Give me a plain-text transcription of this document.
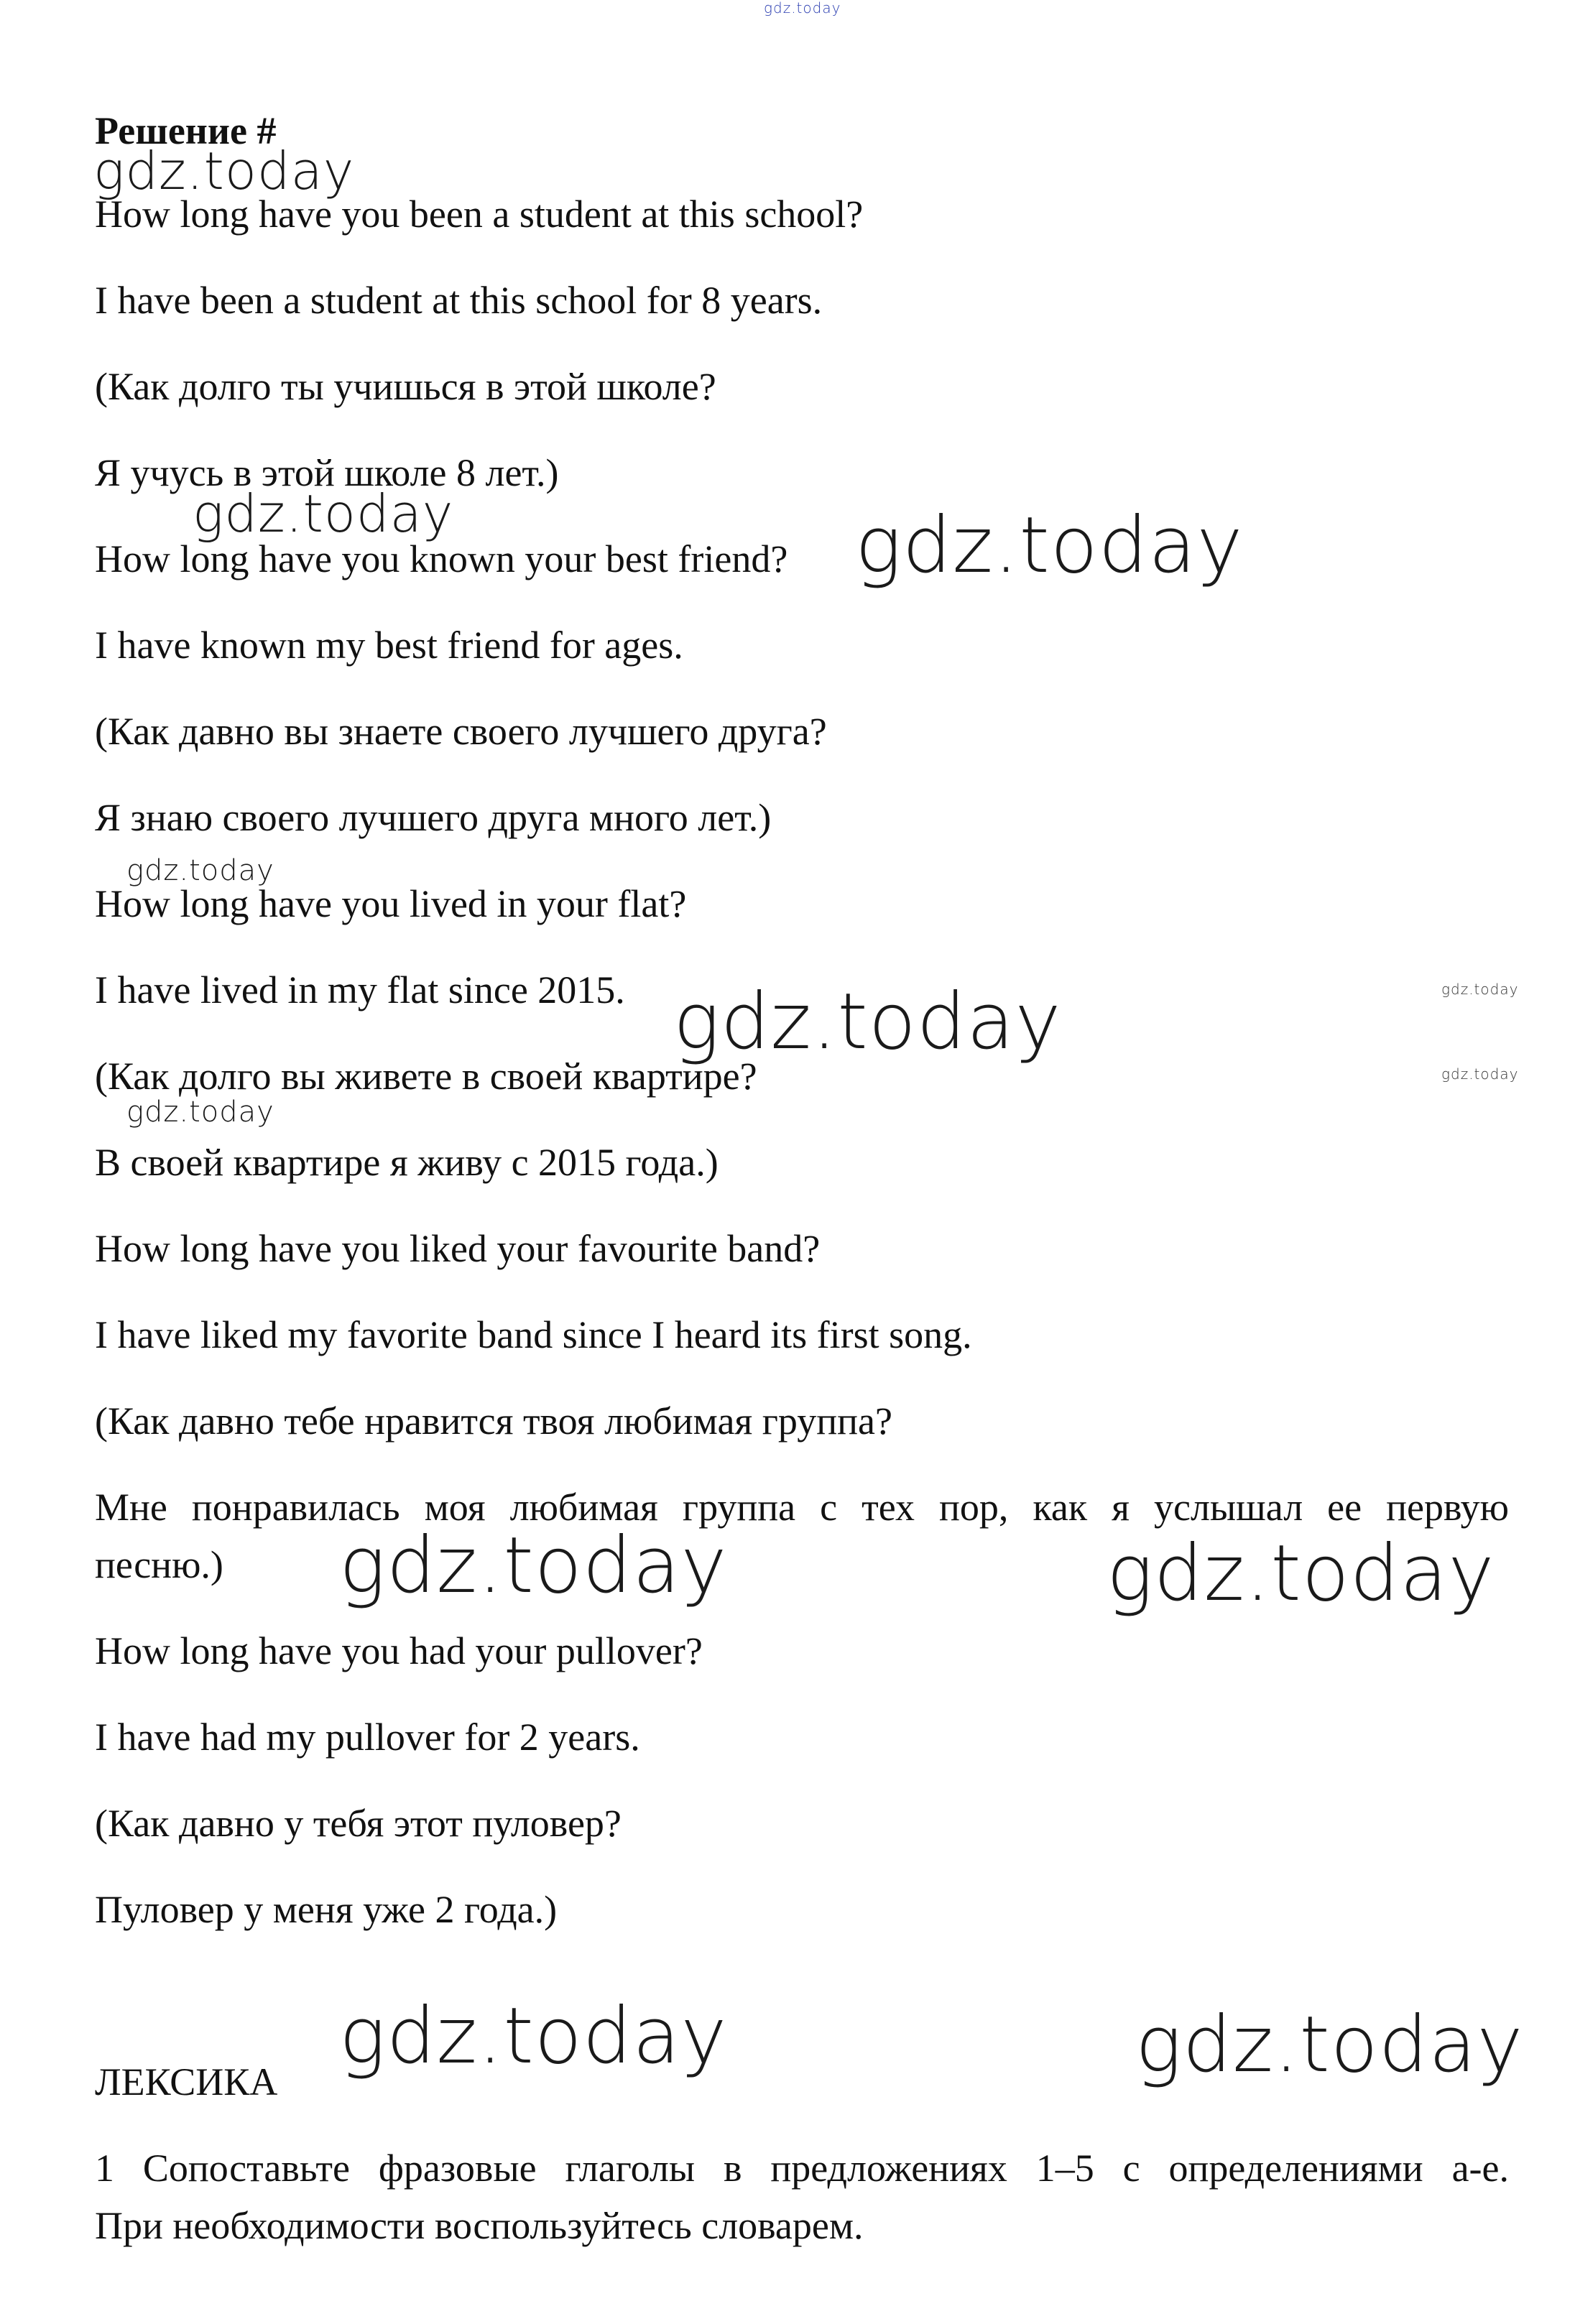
gdz.today
gdz.today
gdz.today	gdz.today
gdz.today
gdz.today
gdz.today
gdz.today
gdz.today
gdz.today	gdz.today
gdz.today	gdz.today
Решение #
How long have you been a student at this school?
I have been a student at this school for 8 years.
(Как долго ты учишься в этой школе?
Я учусь в этой школе 8 лет.)
How long have you known your best friend?
I have known my best friend for ages.
(Как давно вы знаете своего лучшего друга?
Я знаю своего лучшего друга много лет.)
How long have you lived in your flat?
I have lived in my flat since 2015.
(Как долго вы живете в своей квартире?
В своей квартире я живу с 2015 года.)
How long have you liked your favourite band?
I have liked my favorite band since I heard its first song.
(Как давно тебе нравится твоя любимая группа?
Мне понравилась моя любимая группа с тех пор, как я услышал ее первую
песню.)
How long have you had your pullover?
I have had my pullover for 2 years.
(Как давно у тебя этот пуловер?
Пуловер у меня уже 2 года.)
ЛЕКСИКА
1 Сопоставьте фразовые глаголы в предложениях 1–5 с определениями a-e.
При необходимости воспользуйтесь словарем.
